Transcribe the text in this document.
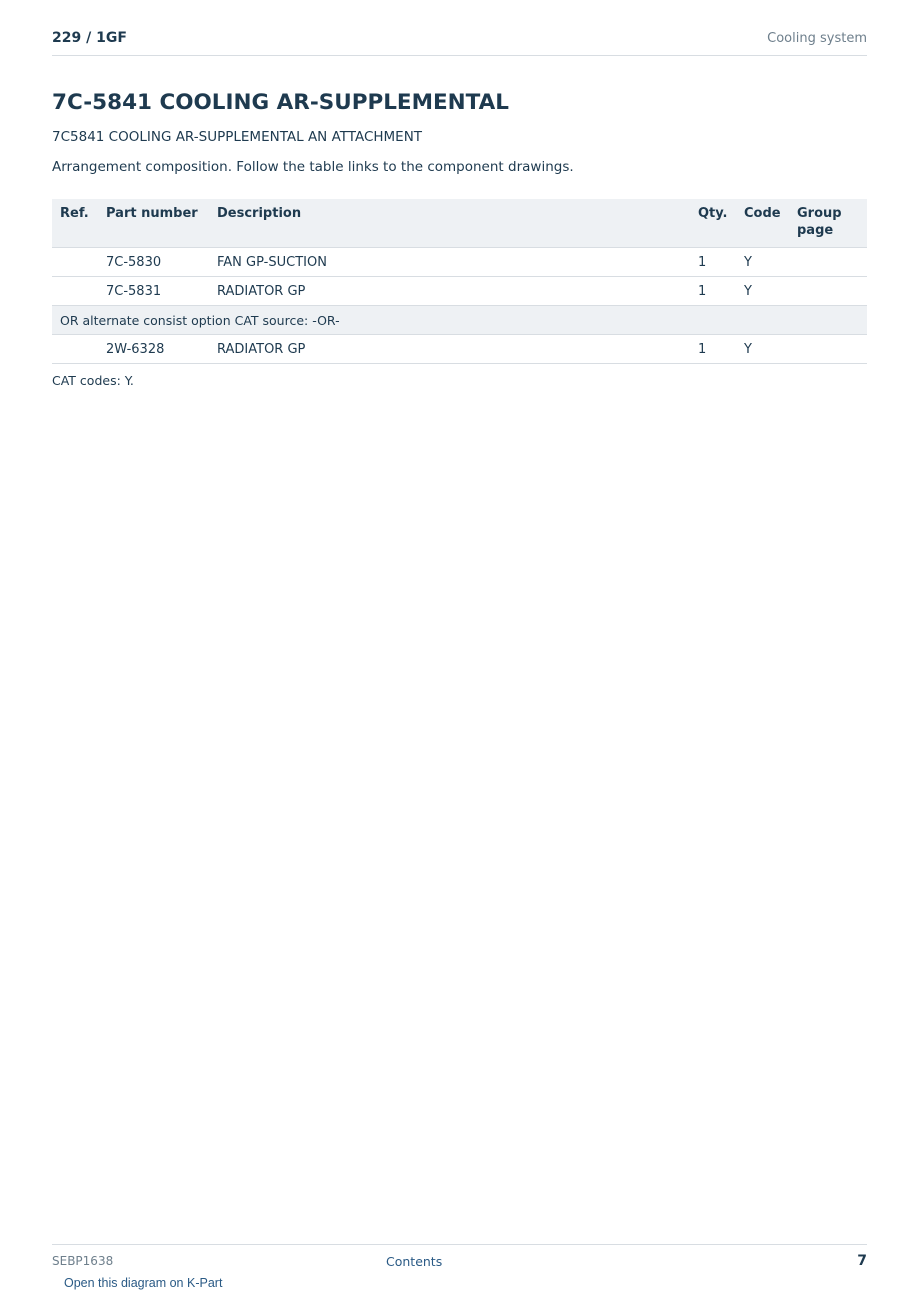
229 / 1GF	Cooling system
7C-5841 COOLING AR-SUPPLEMENTAL
7C5841 COOLING AR-SUPPLEMENTAL AN ATTACHMENT
Arrangement composition. Follow the table links to the component drawings.
Ref.	Part number	Description	Qty.	Code	Group page
	7C-5830	FAN GP-SUCTION	1	Y	
	7C-5831	RADIATOR GP	1	Y	
OR alternate consist option CAT source: -OR-					
	2W-6328	RADIATOR GP	1	Y	
CAT codes: Y.
SEBP1638	Contents	7
Open this diagram on K-Part
